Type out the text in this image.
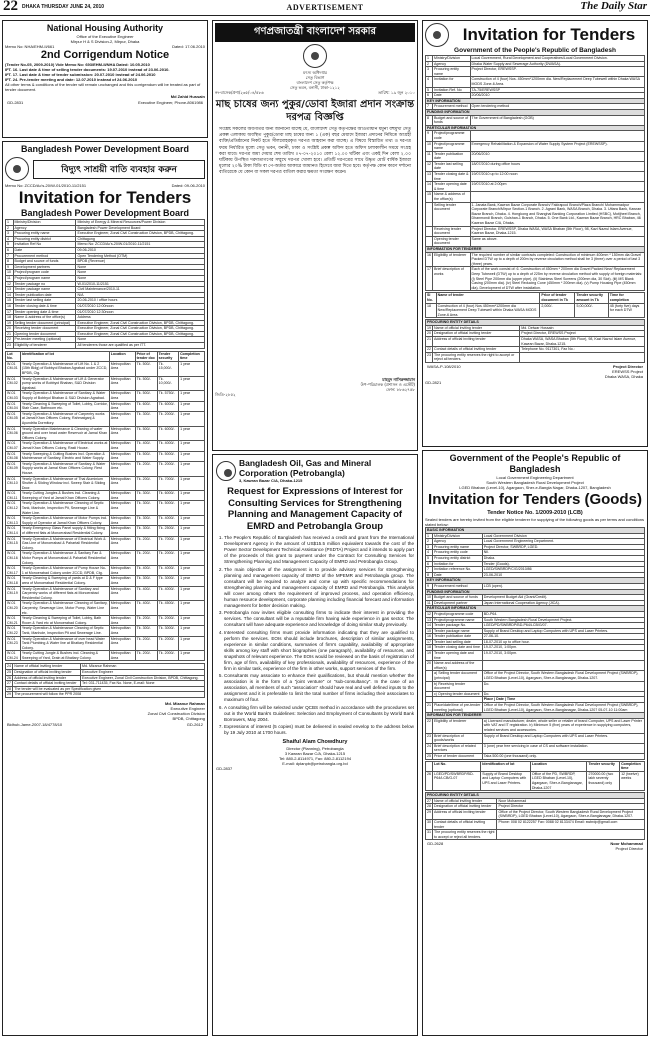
22 DHAKA THURSDAY JUNE 24, 2010	ADVERTISEMENT	The Daily Star
National Housing Authority
Office of the Executive Engineer
Mirpur H & S Division-2, Mirpur, Dhaka
Memo No: NHA/EHM-II/661	Dated: 17.06.2010
2nd Corrigendum Notice
(Tender No-05, 2009-2010) Vide Memo No: 693/EHM-II/NHA Dated: 10.05.2010
IFT. 16. Last date & time of selling tender documents: 19.07.2010 instead of 23.06.2010.
IFT. 17. Last date & time of tender submission: 20.07.2010 instead of 24.06.2010
IFT. 24. Pre-tender meeting and date: 12.07.2010 instead of 24.06.2010
All other terms & conditions of the tender will remain unchanged and this corrigendum will be treated as part of tender document.
Md Zahid Hussain
GD-2831	Executive Engineer, Phone-8061986
Bangladesh Power Development Board
বিদ্যুৎ সাশ্রয়ী বাতি ব্যবহার করুন
Memo No: ZCCD/Ac's-20/W-01/2010-11/2151	Dated: 09-06-2010
Invitation for Tenders
Bangladesh Power Development Board
1	Ministry/Division	Ministry of Energy & Mineral Resources/Power Division
2	Agency	Bangladesh Power Development Board
3	Procuring entity name	Executive Engineer, Zonal Civil Construction Division, BPDB, Chittagong.
4	Procuring entity district	Chittagong
5	Invitation Ref No	Memo No: ZCCD/Ac's-20/W-01/2010-11/2151
6	Date	09-06-2010
7	Procurement method	Open Tendering Method (OTM)
8	Budget and source of funds	BPDB (Revenue)
9	Development partners	None
10	Project/program code	None
11	Project/program name	None
12	Tender package no	W-01/2010-11/2151
13	Tender package name	Civil Maintenance/2010-11
14	Tender publication date	N/A
15	Tender last selling date	20-06-2010 / office hours
16	Tender closing date & time	01/07/2010 12:00noon
17	Tender opening date & time	01/07/2010 12:30noon
18	Name & address of the office(s)	Address
19	Selling tender document (principal)	Executive Engineer, Zonal Civil Construction Division, BPDB, Chittagong.
20	Receiving tender document	Executive Engineer, Zonal Civil Construction Division, BPDB, Chittagong.
21	Opening tender document	Executive Engineer, Zonal Civil Construction Division, BPDB, Chittagong.
22	Pre-tender meeting (optional)	None
23	Eligibility of tenderer	All tenderers those are qualified as per ITT.
Lot No.	Identification of lot	Location	Price of tender doc	Tender security	Completion time
W-01 CM-01	Yearly Operation & Maintenance of Lift No. 1 & 2 (15th Bldg) of Bobbyol Bhaban Agrabad under ZCCD, BPDB, Ctg.	Metropolitan Area	Tk. 500/-	Tk. 15,000/-	1 year
W-01 CM-02	Yearly Operation & Maintenance of Lift & Generator pump works of Bobbyol Bhaban, S&D Division Agrabad.	Metropolitan Area	Tk. 500/-	Tk. 10,000/-	1 year
W-01 CM-03	Yearly Operation & Maintenance of Sanitary & Water Supply of Bobbyol Bhaban & S&D Division Agrabad.	Metropolitan Area	Tk. 500/-	Tk. 5750/-	1 year
W-01 CM-04	Yearly Cleaning & Sweeping of Toilet, Lobby, Corridor, Stair Case, Bathroom etc.	Metropolitan Area	Tk. 600/-	Tk. 6000/-	1 year
W-01 CM-05	Yearly Operation & Maintenance of Carpentry works at Jamal Khan Officers Colony, Rahmatganj & Ayundrita Dormitory.	Metropolitan Area	Tk. 300/-	Tk. 2000/-	1 year
W-01 CM-06	Yearly Operation Maintenance & Cleaning of water ground and over head water Reservoir at Jamal Khan Officers Colony.	Metropolitan Area	Tk. 500/-	Tk. 6000/-	1 year
W-01 CM-07	Yearly Operation & Maintenance of Electrical works at Jamal Khan Officers Colony, Rasti House.	Metropolitan Area	Tk. 400/-	Tk. 4000/-	1 year
W-01 CM-08	Yearly Sweeping & Cutting Bushes incl. Operation & Maintenance of Sanitary, Electric and Water Supply.	Metropolitan Area	Tk. 500/-	Tk. 5000/-	1 year
W-01 CM-09	Yearly Operation & Maintenance of Sanitary & Water Supply works at Jamal Khan Officers Colony, Rest House.	Metropolitan Area	Tk. 200/-	Tk. 2000/-	1 year
W-01 CM-10	Yearly Operation & Maintenance of Thai Aluminium Shutter & Sliding Window incl. Sweep Stair & Sliding Door.	Metropolitan Area	Tk. 200/-	Tk. 7000/-	1 year
W-01 CM-11	Yearly Cutting Jungles & Bushes incl. Cleaning & Sweeping of Yard at Jamal Khan Officers Colony.	Metropolitan Area	Tk. 300/-	Tk. 6000/-	1 year
W-01 CM-12	Yearly Operation & Maintenance Cleaning of Septic Tank, Manhole, Inspection Pit, Sewerage Line & Water Line.	Metropolitan Area	Tk. 300/-	Tk. 5000/-	1 year
W-01 CM-13	Yearly Operation & Maintenance of Motor Pumps incl. Supply of Operator at Jamal Khan Officers Colony.	Metropolitan Area	Tk. 300/-	Tk. 4000/-	1 year
W-01 CM-14	Yearly Emergency Glass Panel supply & fitting fixing of different flats at Monoerabad Residential Colony.	Metropolitan Area	Tk. 300/-	Tk. 2500/-	1 year
W-01 CM-15	Yearly Operation & Maintenance of Electrical Work & Gas Line of Monoerabad & Pahartali Residential Colony.	Metropolitan Area	Tk. 200/-	Tk. 7000/-	1 year
W-01 CM-16	Yearly Operation & Maintenance & Sanitary Fan & Motor Pumps at Monoerabad & Pahartali Residential Colony.	Metropolitan Area	Tk. 200/-	Tk. 2000/-	1 year
W-01 CM-17	Yearly Operation & Maintenance of Pump House No-1 at Monoerabad Colony under ZCCD, BPDB, Ctg.	Metropolitan Area	Tk. 400/-	Tk. 4000/-	1 year
W-01 CM-18	Yearly Cleaning & Sweeping of yards at D & F type area of Monoerabad Residential Colony.	Metropolitan Area	Tk. 300/-	Tk. 3000/-	1 year
W-01 CM-19	Yearly Operation & Maintenance of Sanitary and Carpentry works of different flats at Monoerabad Residential Colony.	Metropolitan Area	Tk. 400/-	Tk. 4000/-	1 year
W-01 CM-20	Yearly Operation & Maintenance Cleaning of Sanitary, Carpentry, Sewerage Line, Motor Pump, Water Line etc.	Metropolitan Area	Tk. 400/-	Tk. 4500/-	1 year
W-01 CM-21	Yearly Cleaning & Sweeping of Toilet, Lobby, Bath Room & Yard etc at Monoerabad Colony.	Metropolitan Area	Tk. 200/-	Tk. 2000/-	1 year
W-01 CM-22	Yearly Operation & Maintenance Cleaning of Septic Tank, Manhole, Inspection Pit and Sewerage Line.	Metropolitan Area	Tk. 300/-	Tk. 3000/-	1 year
W-01 CM-23	Yearly Operation & Maintenance of over head Water Tank Plumbing & Water line at Bhatiary Residential Colony.	Metropolitan Area	Tk. 200/-	Tk. 2000/-	1 year
W-01 CM-24	Yearly Cutting Jungle & Bushes incl. Cleaning & Sweeping of Yard, Drain at Bhatiary Colony.	Metropolitan Area	Tk. 200/-	Tk. 2000/-	1 year
24	Name of official inviting tender	Md. Mizanur Rahman
25	Designation of official inviting tender	Executive Engineer
26	Address of official inviting tender	Executive Engineer, Zonal Civil Construction Division, BPDB, Chittagong.
27	Contact details of official inviting tender	Tel: 031-711435, Fax No. None, E-mail: None
28	The tender will be evaluated as per Specification given	
29	The procurement will follow the PPR 2008	
Md. Mizanur Rahman
Executive Engineer
Zonal Civil Construction Division
BPDB, Chittagong
Bidhub-Jame-2007-18/4778/10	GD-2612
গণপ্রজাতন্ত্রী বাংলাদেশ সরকার
মৎস্য অধিদপ্তর
সেতু বিভাগ
বাংলাদেশ সেতু কর্তৃপক্ষ
সেতু ভবন, বনানী, ঢাকা-১২১২
নং-বাসেক/প্রশা/২৩৫/০৪/৫৮৬	তারিখ: ১৯ জুন ২০১০
মাছ চাষের জন্য পুকুর/ডোবা ইজারা প্রদান সংক্রান্ত দরপত্র বিজ্ঞপ্তি
সংশ্লিষ্ট সকলের অবগতির জন্য জানানো যাচ্ছে যে, বাংলাদেশ সেতু কর্তৃপক্ষের আওতাধীন যমুনা বহুমুখী সেতু প্রকল্প এলাকায় অবস্থিত পুকুর/ডোবা মাছ চাষের জন্য ১ (এক) বছর মেয়াদে ইজারা প্রদানের নিমিত্তে আগ্রহী ব্যক্তি/প্রতিষ্ঠানের নিকট হতে সীলমোহরকৃত দরপত্র আহবান করা যাচ্ছে। এ বিষয়ে বিস্তারিত তথ্য ও দরপত্র ফরম নির্ধারিত মূল্যে সেতু ভবন, বনানী, ঢাকা ও সংশ্লিষ্ট প্রকল্প অফিস হতে অফিস চলাকালীন সময়ে সংগ্রহ করা যাবে। দরপত্র জমা দেয়ার শেষ তারিখ ০৭-০৭-২০১০ বেলা ১২.০০ ঘটিকা এবং একই দিন বেলা ২.০০ ঘটিকায় উপস্থিত দরদাতাগণের সম্মুখে দরপত্র খোলা হবে। প্রতিটি দরপত্রের সাথে উদ্ধৃত মোট বার্ষিক ইজারা মূল্যের ২০% টাকা বিডি বা পে-অর্ডার আকারে জামানত হিসেবে জমা দিতে হবে। কর্তৃপক্ষ কোন কারণ দর্শানো ব্যতিরেকে যে কোন বা সকল দরপত্র বাতিল করার ক্ষমতা সংরক্ষণ করেন।
মাহমুদ নাসিরুজ্জামান
উপ-পরিচালক (প্রশাসন ও এস্টেট)
ফোন: ৮৮৬২৭৫৮
জিডি-২৮৫২
Bangladesh Oil, Gas and Mineral Corporation (Petrobangla)
3, Kawran Bazar C/A, Dhaka-1215
Request for Expressions of Interest for Consulting Services for Strengthening Planning and Management Capacity of EMRD and Petrobangla Group
1. The People's Republic of Bangladesh has received a credit and grant from the International Development Agency in the amount of US$15.5 million equivalent towards the cost of the Power Sector Development Technical Assistance (PSDTA) Project and it intends to apply part of the proceeds of this grant to payment under the Contract for Consulting Services for Strengthening Planning and Management Capacity of EMRD and Petrobangla Group.
2. The main objective of the assignment is to provide advisory services for strengthening planning and management capacity of EMRD of the MPEMR and Petrobangla group. The consultant will be required to analyze and come up with specific recommendations for strengthening planning and management capacity of EMRD and Petrobangla. This analysis will cover among others the requirement of improved process, and operation efficiency, human resource development, corporate planning including financial forecast and information management for better decision making.
3. Petrobangla now invites eligible consulting firms to indicate their interest in providing the services. The consultant will be a reputable firm having wide experience in gas sector. The consultant will have adequate experience and knowledge of doing similar study previously.
4. Interested consulting firms must provide information indicating that they are qualified to perform the services. EOIs should include brochures, description of similar assignments, experience in similar conditions, summaries of firm's capability, availability of appropriate skills among key staff with short biographies (one paragraph), availability of resources, and snapshots of relevant experience. The EOIs would be reviewed on the basis of registration of firm, age of firm, availability of key professionals, availability of resources, experience of the firm in similar task, experience of the firm in other works, support services of the firm.
5. Consultants may associate to enhance their qualifications, but should mention whether the association is in the form of a "joint venture" or "sub-consultancy". In the case of an association, all members of such "association" should have real and well defined inputs to the assignment and it is preferable to limit the total number of firms including their associates to maximum of four.
6. A consulting firm will be selected under QCBS method in accordance with the procedures set out in the World Bank's Guidelines: Selection and Employment of Consultants by World Bank Borrowers, May 2004.
7. Expressions of interest (5 copies) must be delivered in sealed envelop to the address below by 19 July 2010 at 1700 hours.
Shaiful Alam Chowdhury
Director (Planning), Petrobangla
3 Kawran Bazar C/A, Dhaka-1215
Tel: 880-2-8114971, Fax: 880-2-8112194
E-mail: dplanpb@petrobangla.org.bd
GD-2837
Invitation for Tenders
Government of the People's Republic of Bangladesh
1	Ministry/Division	Local Government, Rural Development and Cooperatives/Local Government Division.
2	Agency	Dhaka Water Supply and Sewerage Authority (DWASA).
3	Procuring entity name	Project Director, EREWSSP.
4	Invitation for	Construction of 4 (four) Nos. 450mm*1200mm dia. New/Replacement Deep Tubewell within Dhaka WASA MODS Zone-6 Area.
5	Invitation Ref. No	TA-75/EREWSSP
6	Date	20/06/2010
KEY INFORMATION		
7	Procurement method	Open tendering method
FUNDING INFORMATION		
8	Budget and source of funds	The Government of Bangladesh (GOB)
PARTICULAR INFORMATION		
9	Project/programme code	
10	Project/programme name	Emergency Rehabilitation & Expansion of Water Supply System Project (EREWSSP).
11	Tender publication date	20/06/2010
12	Tender last selling date	18/07/2010 during office hours
13	Tender closing date & time	19/07/2010 up to 12:00 noon
14	Tender opening date & time	19/07/2010 at 2:00pm
15	Name & address of the office(s)	
	Selling tender document	1. Janata Bank, Kawran Bazar Corporate Branch/ Fakirapool Branch/Plaza Branch/ Mohammadpur Corporate Branch/Mirpur Section-1 Branch. 2. Agrani Bank, WASA Branch, Dhaka. 3. Uttara Bank, Kawran Bazar Branch, Dhaka. 4. Hongkong and Shanghai Banking Corporation Limited (HSBC), Motijheel Branch, Dhanmondi Branch, Gulshan-1 Branch, Dhaka. 5. One Bank Ltd., Kawran Bazar Branch, HRC Bhaban, 46 Kawran Bazar C/A, Dhaka.
	Receiving tender document	Project Director, EREWSSP, Dhaka WASA, WASA Bhaban (5th Floor), 98, Kazi Nazrul Islam Avenue, Kawran Bazar, Dhaka-1215.
	Opening tender document	Same as above.
INFORMATION FOR TENDERER		
16	Eligibility of tenderer	The required number of similar contracts completed: Construction of minimum 400mm * 150mm dia Gravel Packed DTW up to a depth of 200m by reverse circulation method shall be 3 (three) over a period of last 3 (three) years.
17	Brief description of works	Each of the work consist of: 6. Construction of 450mm * 200mm dia Gravel Packed New/ Replacement Deep Tubewell (DTW) up to a depth of 225m by reverse circulation method with supply of foreign materials: (i) Steel Pipe 200mm dia (upper pipe). (ii) Stainless Steel Screens (200mm dia, 30 Slot). (iii) MS Blank Casing (200mm dia). (iv) Steel Reducing Cone (450mm * 200mm dia). (v) Pump Housing Pipe (450mm dia). Development of DTW after installation.
Sl No.	Name of tender	Price of tender document in Tk	Tender security amount in Tk	Time for completion
18	Construction of 4 (four) Nos 450mm*1200mm dia New/Replacement Deep Tubewell within Dhaka WASA MODS Zone-6 Area.	2,000/-	5,00,000/-	45 (forty five) days for each DTW
PROCURING ENTITY DETAILS		
19	Name of official inviting tender	Md. Delwar Hossain
20	Designation of official inviting tender	Project Director, EREWSS Project
21	Address of official inviting tender	Dhaka WASA, WASA Bhaban (5th Floor), 98, Kazi Nazrul Islam Avenue, Kawran Bazar, Dhaka-1215.
22	Contact details of official inviting tender	Telephone No. 9117301, Fax No.:
23	The procuring entity reserves the right to accept or reject all tenders.	
WASA-P-108/2010	Project Director
EREWSS Project
Dhaka WASA, Dhaka
GD-2821
Government of the People's Republic of Bangladesh
Local Government Engineering Department
South Western Bangladesh Rural Development Project
LGED Bhaban (Level-10), Agargaon, Sher-e-Bangla Nagar, Dhaka-1207, Bangladesh
Invitation for Tenders (Goods)
Tender Notice No. 1/2009-2010 (LCB)
Sealed tenders are hereby invited from the eligible tenderer for supplying of the following goods as per terms and conditions stated below:
BASIC INFORMATION		
1	Ministry/Division	Local Government Division
2	Agency	Local Government Engineering Department.
3	Procuring entity name	Project Director, SWBRDP, LGED.
4	Procuring entity code	Nil.
5	Procuring entity district	Dhaka.
6	Invitation for	Tender (Goods).
7	Invitation reference No.	LGED/SWBRDP/C/G/2010/86
8	Date	23-06-2010
KEY INFORMATION		
9	Procurement method	LCB (open).
FUNDING INFORMATION		
10	Budget and source of funds	Development Budget Aid (Grant/Credit).
11	Development partner	Japan International Cooperation Agency (JICA).
PARTICULAR INFORMATION		
12	Project/programme code	BD-P64.
13	Project/programme name	South Western Bangladesh Rural Development Project.
14	Tender package No.	LGED/PD/SWBRDP/BD-P64/LCB/G/07.
15	Tender package name	Supply of Brand Desktop and Laptop Computers with UPS and Laser Printers.
16	Tender publication date	27-06-10.
17	Tender last selling date	18-07-2010 up to office hour.
18	Tender closing date and time	19-07-2010, 1:00pm.
19	Tender opening date and time	19-07-2010, 3:00pm.
20	Name and address of the office(s)	
	a) Selling tender document (principal)	Office of the Project Director, South Western Bangladesh Rural Development Project (SWBRDP), LGED Bhaban (Level-10), Agargaon, Sher-e-Banglanagar, Dhaka-1207.
	b) Receiving tender document	Do.
	c) Opening tender document	Do.
		Place | Date | Time
21	Place/date/time of pre-tender meeting (optional)	Office of the Project Director, South Western Bangladesh Rural Development Project (SWBRDP), LGED Bhaban (Level-10), Agargaon, Sher-e-Banglanagar, Dhaka-1207 05-07-10 11:00am
INFORMATION FOR TENDERER		
22	Eligibility of tenderer	a) Licensed manufacturer, dealer, whole seller or retailer of brand Computer, UPS and Laser Printer with VAT and IT registration. b) Minimum 5 (five) years of experience in supplying computers, related services and accessories.
23	Brief description of goods/works	Supply of Brand Desktop and Laptop Computers with UPS and Laser Printers.
24	Brief description of related services	3 (one) year free servicing in case of CS and software installation.
25	Price of tender document	Taka 500.00 (one thousand) only.
	Lot No.	Identification of lot	Location	Tender security	Completion time
26	LGED/PD/SWBRDP/BD-P64/LCB/G-07	Supply of Brand Desktop and Laptop Computers with UPS and Laser Printers.	Office of the PD, SWBRDP, LGED Bhaban (Level-10), Agargaon, Sher-e-Banglanagar, Dhaka-1207	270000.00 (two lakh seventy thousand) only	12 (twelve) weeks
PROCURING ENTITY DETAILS		
27	Name of official inviting tender	Noor Mohammad
28	Designation of official inviting tender	Project Director
29	Address of official inviting tender	Office of the Project Director, South Western Bangladesh Rural Development Project (SWBRDP), LGED Bhaban (Level-10), Agargaon, Sher-e-Banglanagar, Dhaka-1207.
30	Contact details of official inviting tender	Phone: 008 02 8122257 Fax: 0088 02 8133474 Email: swbrdp@gmail.com
31	The procuring entity reserves the right to accept or reject all tenders.	
GD-2628	Noor Mohammad
Project Director
